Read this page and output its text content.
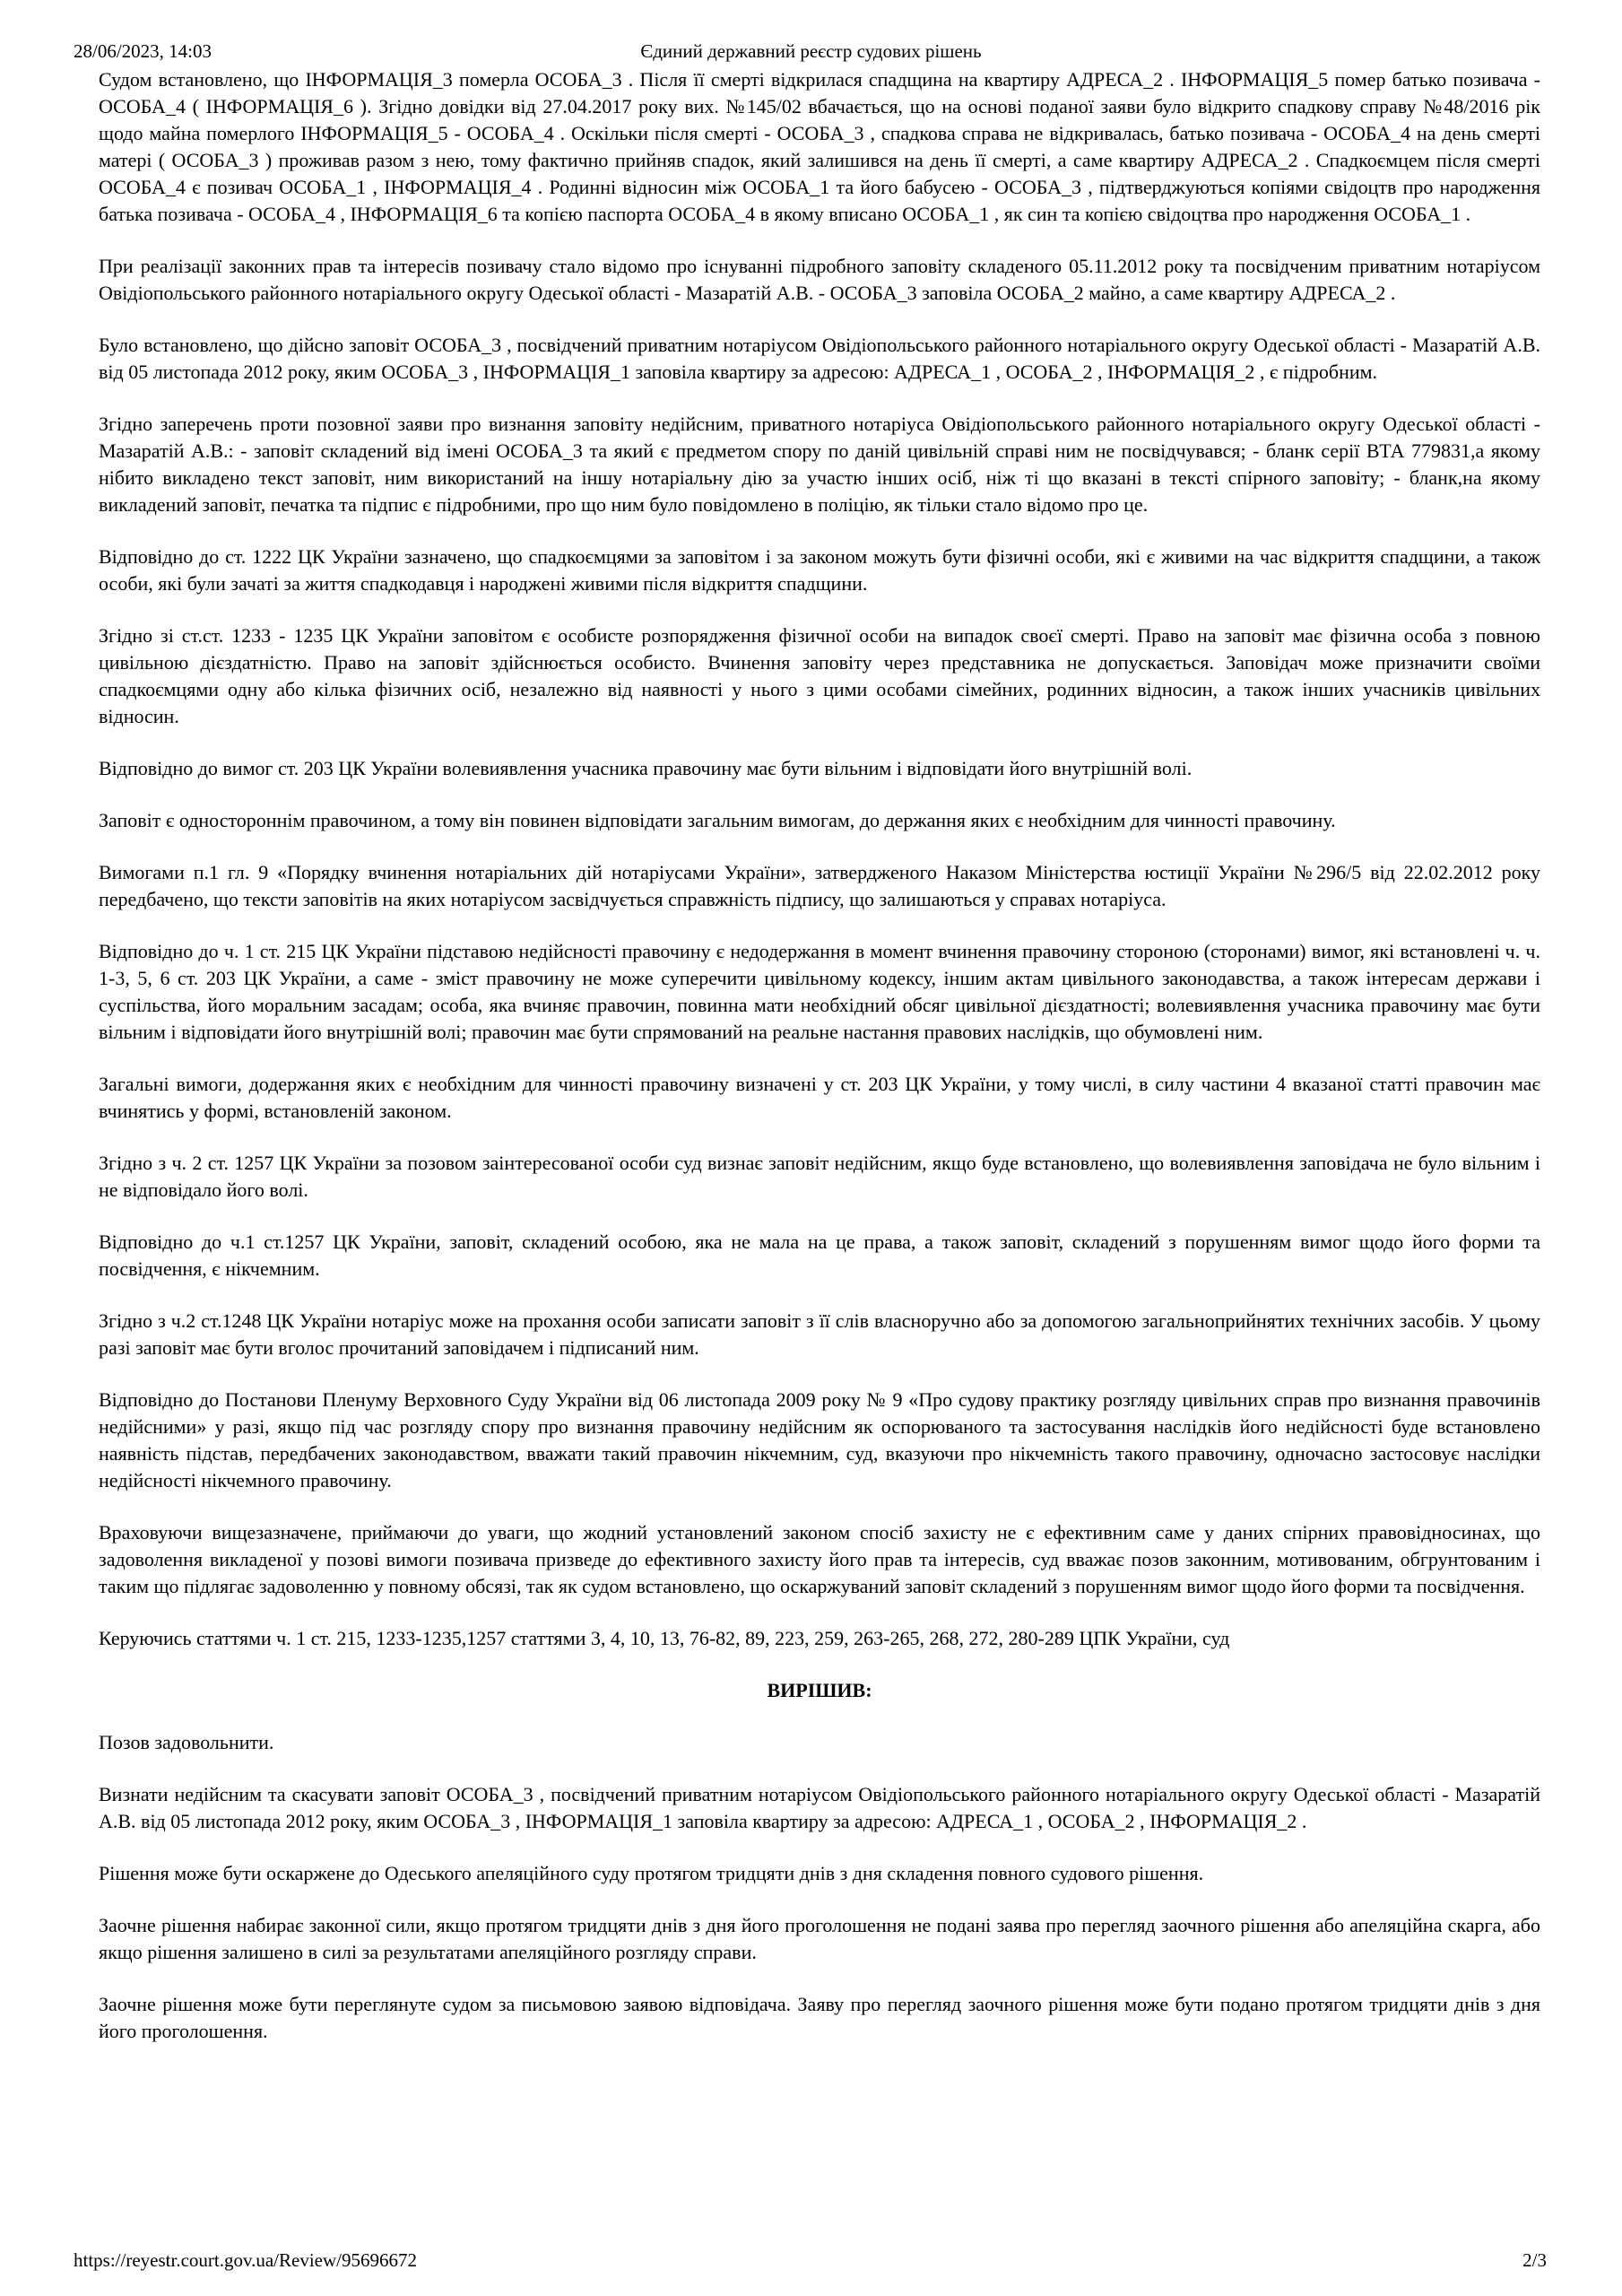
28/06/2023, 14:03	Єдиний державний реєстр судових рішень

Судом встановлено, що ІНФОРМАЦІЯ_3 померла ОСОБА_3 . Після її смерті відкрилася спадщина на квартиру АДРЕСА_2 . ІНФОРМАЦІЯ_5 помер батько позивача - ОСОБА_4 ( ІНФОРМАЦІЯ_6 ). Згідно довідки від 27.04.2017 року вих. №145/02 вбачається, що на основі поданої заяви було відкрито спадкову справу №48/2016 рік щодо майна померлого ІНФОРМАЦІЯ_5 - ОСОБА_4 . Оскільки після смерті - ОСОБА_3 , спадкова справа не відкривалась, батько позивача - ОСОБА_4 на день смерті матері ( ОСОБА_3 ) проживав разом з нею, тому фактично прийняв спадок, який залишився на день її смерті, а саме квартиру АДРЕСА_2 . Спадкоємцем після смерті ОСОБА_4 є позивач ОСОБА_1 , ІНФОРМАЦІЯ_4 . Родинні відносин між ОСОБА_1 та його бабусею - ОСОБА_3 , підтверджуються копіями свідоцтв про народження батька позивача - ОСОБА_4 , ІНФОРМАЦІЯ_6 та копією паспорта ОСОБА_4 в якому вписано ОСОБА_1 , як син та копією свідоцтва про народження ОСОБА_1 .

При реалізації законних прав та інтересів позивачу стало відомо про існуванні підробного заповіту складеного 05.11.2012 року та посвідченим приватним нотаріусом Овідіопольського районного нотаріального округу Одеської області - Мазаратій А.В. - ОСОБА_3 заповіла ОСОБА_2 майно, а саме квартиру АДРЕСА_2 .

Було встановлено, що дійсно заповіт ОСОБА_3 , посвідчений приватним нотаріусом Овідіопольського районного нотаріального округу Одеської області - Мазаратій А.В. від 05 листопада 2012 року, яким ОСОБА_3 , ІНФОРМАЦІЯ_1 заповіла квартиру за адресою: АДРЕСА_1 , ОСОБА_2 , ІНФОРМАЦІЯ_2 , є підробним.

Згідно заперечень проти позовної заяви про визнання заповіту недійсним, приватного нотаріуса Овідіопольського районного нотаріального округу Одеської області - Мазаратій А.В.: - заповіт складений від імені ОСОБА_3 та який є предметом спору по даній цивільній справі ним не посвідчувався; - бланк серії ВТА 779831,а якому нібито викладено текст заповіт, ним використаний на іншу нотаріальну дію за участю інших осіб, ніж ті що вказані в тексті спірного заповіту; - бланк,на якому викладений заповіт, печатка та підпис є підробними, про що ним було повідомлено в поліцію, як тільки стало відомо про це.

Відповідно до ст. 1222 ЦК України зазначено, що спадкоємцями за заповітом і за законом можуть бути фізичні особи, які є живими на час відкриття спадщини, а також особи, які були зачаті за життя спадкодавця і народжені живими після відкриття спадщини.

Згідно зі ст.ст. 1233 - 1235 ЦК України заповітом є особисте розпорядження фізичної особи на випадок своєї смерті. Право на заповіт має фізична особа з повною цивільною дієздатністю. Право на заповіт здійснюється особисто. Вчинення заповіту через представника не допускається. Заповідач може призначити своїми спадкоємцями одну або кілька фізичних осіб, незалежно від наявності у нього з цими особами сімейних, родинних відносин, а також інших учасників цивільних відносин.

Відповідно до вимог ст. 203 ЦК України волевиявлення учасника правочину має бути вільним і відповідати його внутрішній волі.

Заповіт є одностороннім правочином, а тому він повинен відповідати загальним вимогам, до держання яких є необхідним для чинності правочину.

Вимогами п.1 гл. 9 «Порядку вчинення нотаріальних дій нотаріусами України», затвердженого Наказом Міністерства юстиції України №296/5 від 22.02.2012 року передбачено, що тексти заповітів на яких нотаріусом засвідчується справжність підпису, що залишаються у справах нотаріуса.

Відповідно до ч. 1 ст. 215 ЦК України підставою недійсності правочину є недодержання в момент вчинення правочину стороною (сторонами) вимог, які встановлені ч. ч. 1-3, 5, 6 ст. 203 ЦК України, а саме - зміст правочину не може суперечити цивільному кодексу, іншим актам цивільного законодавства, а також інтересам держави і суспільства, його моральним засадам; особа, яка вчиняє правочин, повинна мати необхідний обсяг цивільної дієздатності; волевиявлення учасника правочину має бути вільним і відповідати його внутрішній волі; правочин має бути спрямований на реальне настання правових наслідків, що обумовлені ним.

Загальні вимоги, додержання яких є необхідним для чинності правочину визначені у ст. 203 ЦК України, у тому числі, в силу частини 4 вказаної статті правочин має вчинятись у формі, встановленій законом.

Згідно з ч. 2 ст. 1257 ЦК України за позовом заінтересованої особи суд визнає заповіт недійсним, якщо буде встановлено, що волевиявлення заповідача не було вільним і не відповідало його волі.

Відповідно до ч.1 ст.1257 ЦК України, заповіт, складений особою, яка не мала на це права, а також заповіт, складений з порушенням вимог щодо його форми та посвідчення, є нікчемним.

Згідно з ч.2 ст.1248 ЦК України нотаріус може на прохання особи записати заповіт з її слів власноручно або за допомогою загальноприйнятих технічних засобів. У цьому разі заповіт має бути вголос прочитаний заповідачем і підписаний ним.

Відповідно до Постанови Пленуму Верховного Суду України від 06 листопада 2009 року № 9 «Про судову практику розгляду цивільних справ про визнання правочинів недійсними» у разі, якщо під час розгляду спору про визнання правочину недійсним як оспорюваного та застосування наслідків його недійсності буде встановлено наявність підстав, передбачених законодавством, вважати такий правочин нікчемним, суд, вказуючи про нікчемність такого правочину, одночасно застосовує наслідки недійсності нікчемного правочину.

Враховуючи вищезазначене, приймаючи до уваги, що жодний установлений законом спосіб захисту не є ефективним саме у даних спірних правовідносинах, що задоволення викладеної у позові вимоги позивача призведе до ефективного захисту його прав та інтересів, суд вважає позов законним, мотивованим, обгрунтованим і таким що підлягає задоволенню у повному обсязі, так як судом встановлено, що оскаржуваний заповіт складений з порушенням вимог щодо його форми та посвідчення.

Керуючись статтями ч. 1 ст. 215, 1233-1235,1257 статтями 3, 4, 10, 13, 76-82, 89, 223, 259, 263-265, 268, 272, 280-289 ЦПК України, суд

ВИРІШИВ:

Позов задовольнити.

Визнати недійсним та скасувати заповіт ОСОБА_3 , посвідчений приватним нотаріусом Овідіопольського районного нотаріального округу Одеської області - Мазаратій А.В. від 05 листопада 2012 року, яким ОСОБА_3 , ІНФОРМАЦІЯ_1 заповіла квартиру за адресою: АДРЕСА_1 , ОСОБА_2 , ІНФОРМАЦІЯ_2 .

Рішення може бути оскаржене до Одеського апеляційного суду протягом тридцяти днів з дня складення повного судового рішення.

Заочне рішення набирає законної сили, якщо протягом тридцяти днів з дня його проголошення не подані заява про перегляд заочного рішення або апеляційна скарга, або якщо рішення залишено в силі за результатами апеляційного розгляду справи.

Заочне рішення може бути переглянуте судом за письмовою заявою відповідача. Заяву про перегляд заочного рішення може бути подано протягом тридцяти днів з дня його проголошення.

https://reyestr.court.gov.ua/Review/95696672	2/3
